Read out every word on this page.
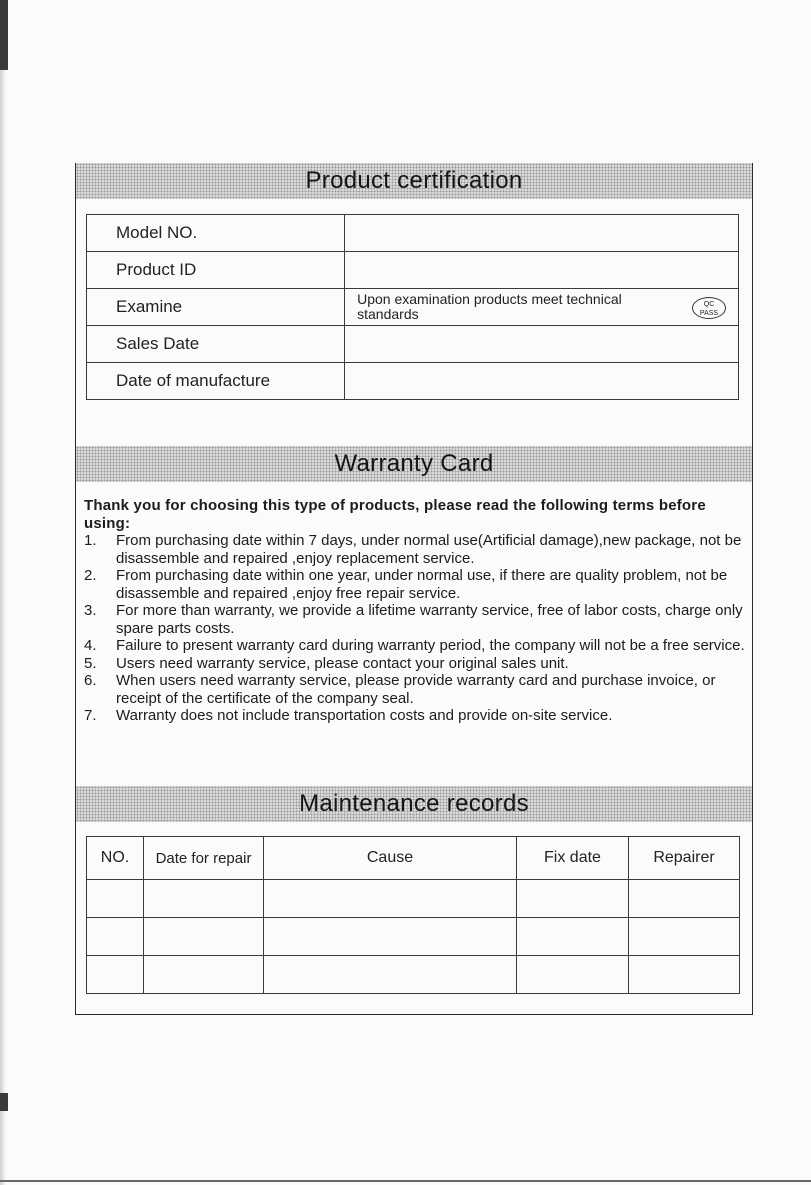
Product certification
Model NO.	
Product ID	
Examine	Upon examination products meet technical standards
QC
PASS

Sales Date	
Date of manufacture	
Warranty Card
Thank you for choosing this type of products, please read the following terms before using:
1.	From purchasing date within 7 days, under normal use(Artificial damage),new package, not be disassemble and repaired ,enjoy replacement service.
2.	From purchasing date within one year, under normal use, if there are quality problem, not be disassemble and repaired ,enjoy free repair service.
3.	For more than warranty, we provide a lifetime warranty service, free of labor costs, charge only spare parts costs.
4.	Failure to present warranty card during warranty period, the company will not be a free service.
5.	Users need warranty service, please contact your original sales unit.
6.	When users need warranty service, please provide warranty card and purchase invoice, or receipt of the certificate of the company seal.
7.	Warranty does not include transportation costs and provide on-site service.
Maintenance records
NO.	Date for repair	Cause	Fix date	Repairer
